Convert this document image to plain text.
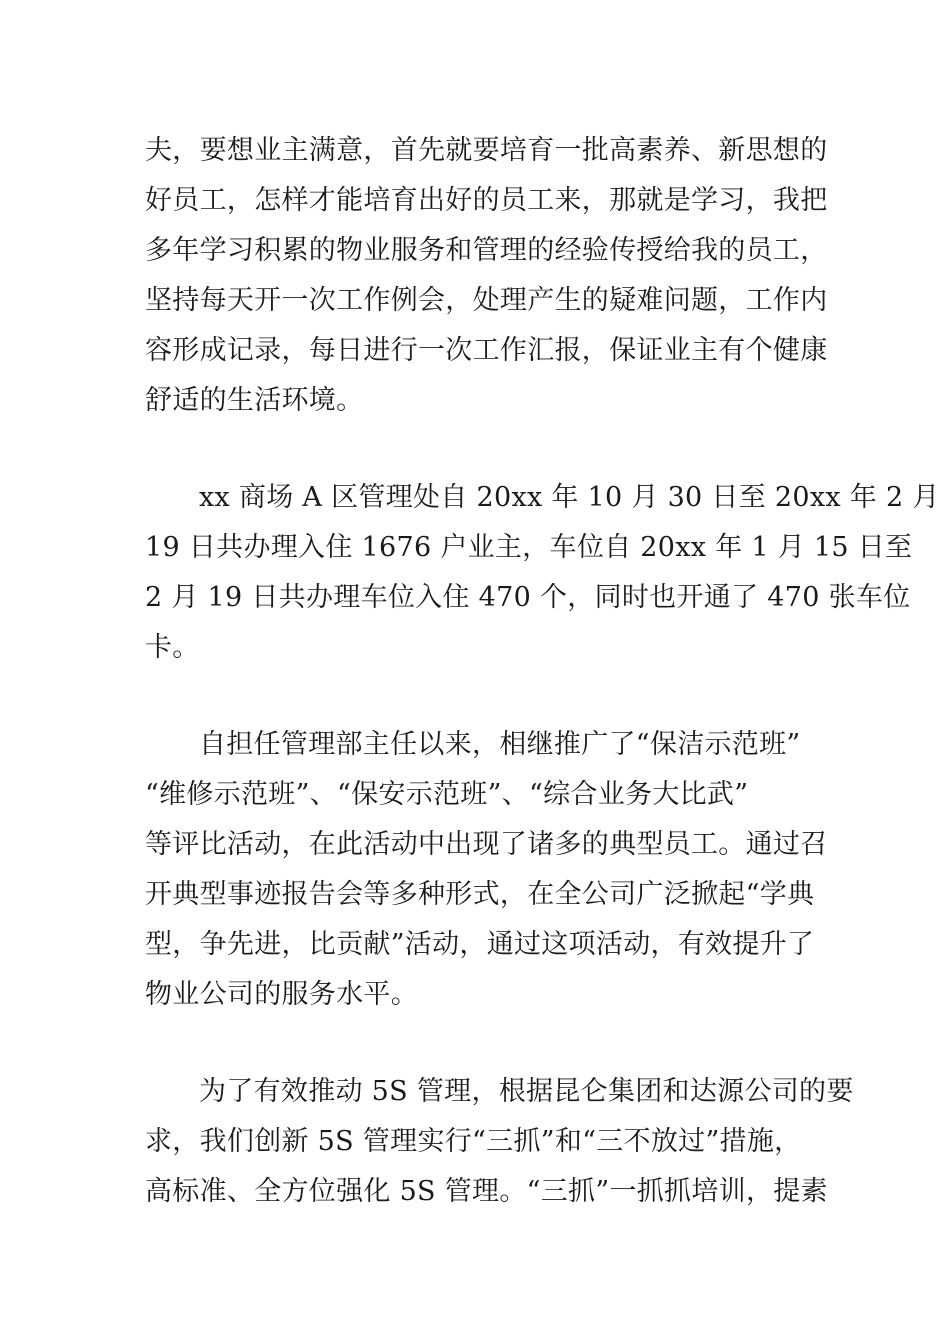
夫，要想业主满意，首先就要培育一批高素养、新思想的
好员工，怎样才能培育出好的员工来，那就是学习，我把
多年学习积累的物业服务和管理的经验传授给我的员工，
坚持每天开一次工作例会，处理产生的疑难问题，工作内
容形成记录，每日进行一次工作汇报，保证业主有个健康
舒适的生活环境。
xx 商场 A 区管理处自 20xx 年 10 月 30 日至 20xx 年 2 月
19 日共办理入住 1676 户业主，车位自 20xx 年 1 月 15 日至
2 月 19 日共办理车位入住 470 个，同时也开通了 470 张车位
卡。
自担任管理部主任以来，相继推广了“保洁示范班”
“维修示范班”、“保安示范班”、“综合业务大比武”
等评比活动，在此活动中出现了诸多的典型员工。通过召
开典型事迹报告会等多种形式，在全公司广泛掀起“学典
型，争先进，比贡献”活动，通过这项活动，有效提升了
物业公司的服务水平。
为了有效推动 5S 管理，根据昆仑集团和达源公司的要
求，我们创新 5S 管理实行“三抓”和“三不放过”措施，
高标准、全方位强化 5S 管理。“三抓”一抓抓培训，提素
